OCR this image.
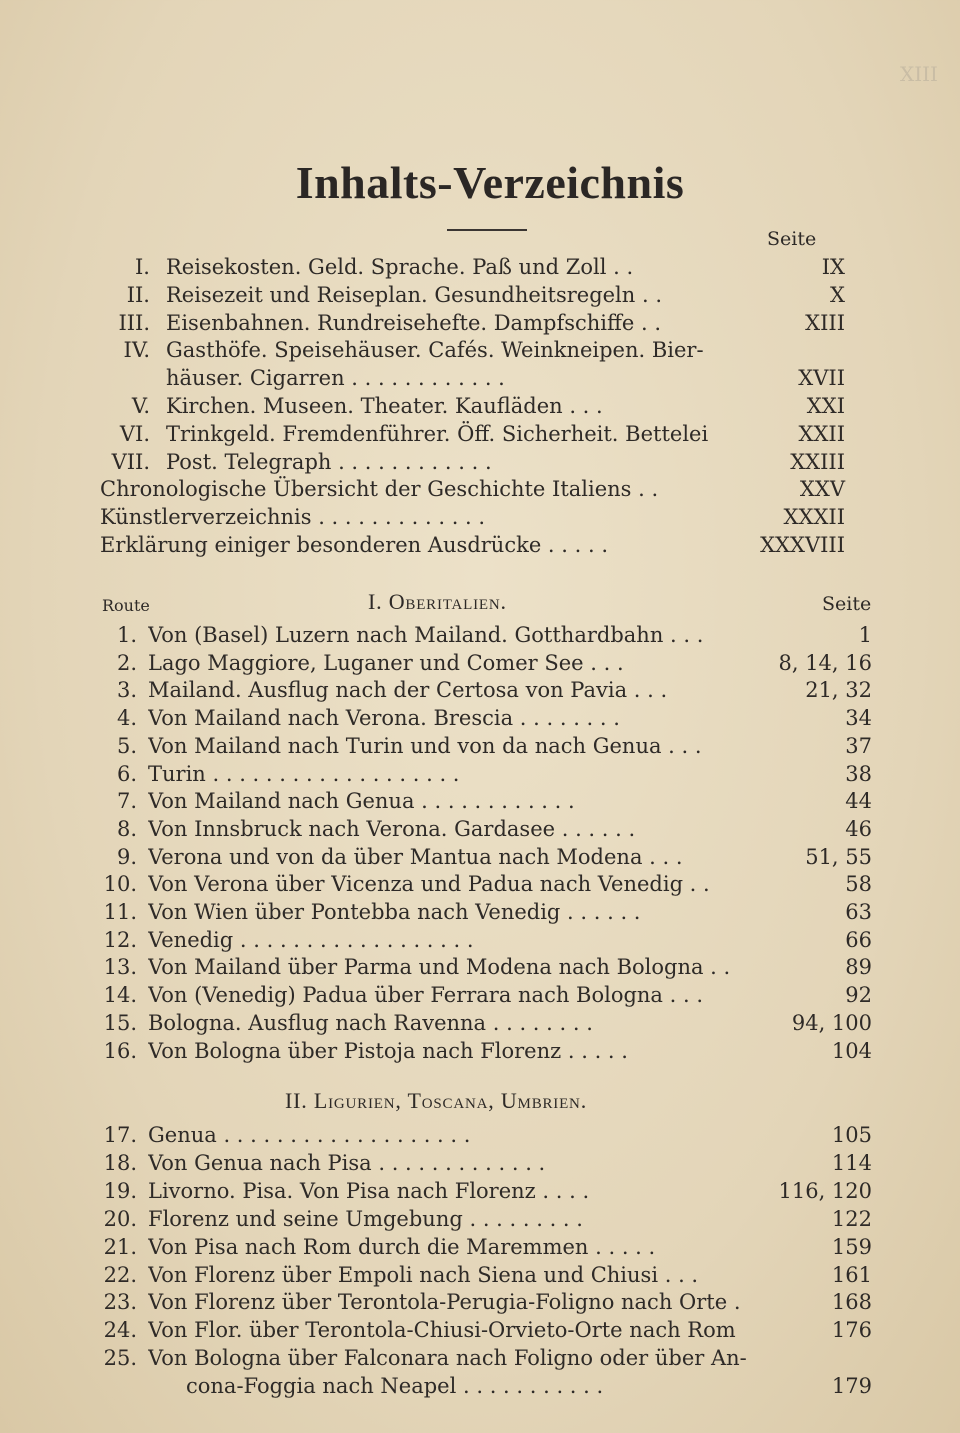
XIII
Inhalts-Verzeichnis
Seite
I. Reisekosten. Geld. Sprache. Paß und Zoll . .	IX
II. Reisezeit und Reiseplan. Gesundheitsregeln . .	X
III. Eisenbahnen. Rundreisehefte. Dampfschiffe . .	XIII
IV. Gasthöfe. Speisehäuser. Cafés. Weinkneipen. Bier-
häuser. Cigarren . . . . . . . . . . . .	XVII
V. Kirchen. Museen. Theater. Kaufläden . . .	XXI
VI. Trinkgeld. Fremdenführer. Öff. Sicherheit. Bettelei	XXII
VII. Post. Telegraph . . . . . . . . . . . .	XXIII
Chronologische Übersicht der Geschichte Italiens . .	XXV
Künstlerverzeichnis . . . . . . . . . . . . .	XXXII
Erklärung einiger besonderen Ausdrücke . . . . .	XXXVIII
Route	I. Oberitalien.	Seite
1. Von (Basel) Luzern nach Mailand. Gotthardbahn . . .	1
2. Lago Maggiore, Luganer und Comer See . . .	8, 14, 16
3. Mailand. Ausflug nach der Certosa von Pavia . . .	21, 32
4. Von Mailand nach Verona. Brescia . . . . . . . .	34
5. Von Mailand nach Turin und von da nach Genua . . .	37
6. Turin . . . . . . . . . . . . . . . . . . .	38
7. Von Mailand nach Genua . . . . . . . . . . . .	44
8. Von Innsbruck nach Verona. Gardasee . . . . . .	46
9. Verona und von da über Mantua nach Modena . . .	51, 55
10. Von Verona über Vicenza und Padua nach Venedig . .	58
11. Von Wien über Pontebba nach Venedig . . . . . .	63
12. Venedig . . . . . . . . . . . . . . . . . .	66
13. Von Mailand über Parma und Modena nach Bologna . .	89
14. Von (Venedig) Padua über Ferrara nach Bologna . . .	92
15. Bologna. Ausflug nach Ravenna . . . . . . . .	94, 100
16. Von Bologna über Pistoja nach Florenz . . . . .	104
II. Ligurien, Toscana, Umbrien.
17. Genua . . . . . . . . . . . . . . . . . . .	105
18. Von Genua nach Pisa . . . . . . . . . . . . .	114
19. Livorno. Pisa. Von Pisa nach Florenz . . . .	116, 120
20. Florenz und seine Umgebung . . . . . . . . .	122
21. Von Pisa nach Rom durch die Maremmen . . . . .	159
22. Von Florenz über Empoli nach Siena und Chiusi . . .	161
23. Von Florenz über Terontola-Perugia-Foligno nach Orte .	168
24. Von Flor. über Terontola-Chiusi-Orvieto-Orte nach Rom	176
25. Von Bologna über Falconara nach Foligno oder über An-
cona-Foggia nach Neapel . . . . . . . . . . .	179
